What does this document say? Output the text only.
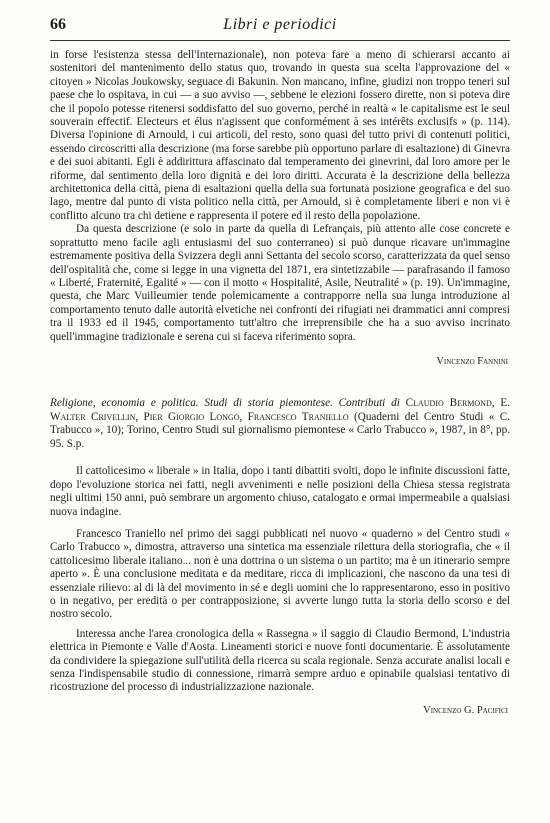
66	Libri e periodici

in forse l'esistenza stessa dell'Internazionale), non poteva fare a meno di schierarsi accanto ai sostenitori del mantenimento dello status quo, trovando in questa sua scelta l'approvazione del « citoyen » Nicolas Joukowsky, seguace di Bakunin. Non mancano, infine, giudizi non troppo teneri sul paese che lo ospitava, in cui — a suo avviso —, sebbene le elezioni fossero dirette, non si poteva dire che il popolo potesse ritenersi soddisfatto del suo governo, perché in realtà « le capitalisme est le seul souverain effectif. Electeurs et élus n'agissent que conformément à ses intérêts exclusifs » (p. 114). Diversa l'opinione di Arnould, i cui articoli, del resto, sono quasi del tutto privi di contenuti politici, essendo circoscritti alla descrizione (ma forse sarebbe più opportuno parlare di esaltazione) di Ginevra e dei suoi abitanti. Egli è addirittura affascinato dal temperamento dei ginevrini, dal loro amore per le riforme, dal sentimento della loro dignità e dei loro diritti. Accurata è la descrizione della bellezza architettonica della città, piena di esaltazioni quella della sua fortunata posizione geografica e del suo lago, mentre dal punto di vista politico nella città, per Arnould, si è completamente liberi e non vi è conflitto alcuno tra chi detiene e rappresenta il potere ed il resto della popolazione.

Da questa descrizione (e solo in parte da quella di Lefrançais, più attento alle cose concrete e soprattutto meno facile agli entusiasmi del suo conterraneo) si può dunque ricavare un'immagine estremamente positiva della Svizzera degli anni Settanta del secolo scorso, caratterizzata da quel senso dell'ospitalità che, come si legge in una vignetta del 1871, era sintetizzabile — parafrasando il famoso « Liberté, Fraternité, Egalité » — con il motto « Hospitalité, Asile, Neutralité » (p. 19). Un'immagine, questa, che Marc Vuilleumier tende polemicamente a contrapporre nella sua lunga introduzione al comportamento tenuto dalle autorità elvetiche nei confronti dei rifugiati nei drammatici anni compresi tra il 1933 ed il 1945, comportamento tutt'altro che irreprensibile che ha a suo avviso incrinato quell'immagine tradizionale e serena cui si faceva riferimento sopra.

Vincenzo Fannini
Religione, economia e politica. Studi di storia piemontese. Contributi di Claudio Bermond, E. Walter Crivellin, Pier Giorgio Longo, Francesco Traniello (Quaderni del Centro Studi « C. Trabucco », 10); Torino, Centro Studi sul giornalismo piemontese « Carlo Trabucco », 1987, in 8°, pp. 95. S.p.

Il cattolicesimo « liberale » in Italia, dopo i tanti dibattiti svolti, dopo le infinite discussioni fatte, dopo l'evoluzione storica nei fatti, negli avvenimenti e nelle posizioni della Chiesa stessa registrata negli ultimi 150 anni, può sembrare un argomento chiuso, catalogato e ormai impermeabile a qualsiasi nuova indagine.

Francesco Traniello nel primo dei saggi pubblicati nel nuovo « quaderno » del Centro studi « Carlo Trabucco », dimostra, attraverso una sintetica ma essenziale rilettura della storiografia, che « il cattolicesimo liberale italiano... non è una dottrina o un sistema o un partito; ma è un itinerario sempre aperto ». È una conclusione meditata e da meditare, ricca di implicazioni, che nascono da una tesi di essenziale rilievo: al di là del movimento in sé e degli uomini che lo rappresentarono, esso in positivo o in negativo, per eredità o per contrapposizione, si avverte lungo tutta la storia dello scorso e del nostro secolo.

Interessa anche l'area cronologica della « Rassegna » il saggio di Claudio Bermond, L'industria elettrica in Piemonte e Valle d'Aosta. Lineamenti storici e nuove fonti documentarie. È assolutamente da condividere la spiegazione sull'utilità della ricerca su scala regionale. Senza accurate analisi locali e senza l'indispensabile studio di connessione, rimarrà sempre arduo e opinabile qualsiasi tentativo di ricostruzione del processo di industrializzazione nazionale.

Vincenzo G. Pacifici
